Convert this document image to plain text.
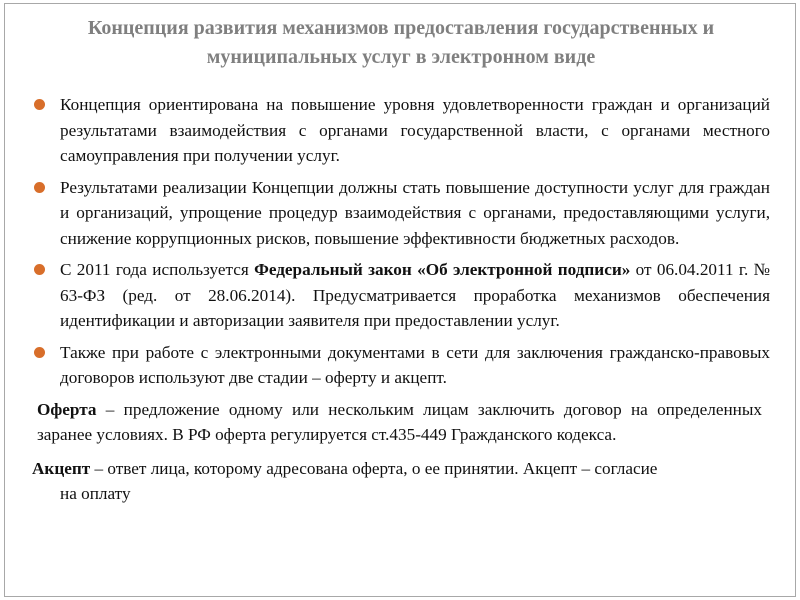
Концепция развития механизмов предоставления государственных и
муниципальных услуг в электронном виде
Концепция ориентирована на повышение уровня удовлетворенности граждан и организаций результатами взаимодействия с органами государственной власти, с органами местного самоуправления при получении услуг.
Результатами реализации Концепции должны стать повышение доступности услуг для граждан и организаций, упрощение процедур взаимодействия с органами, предоставляющими услуги, снижение коррупционных рисков, повышение эффективности бюджетных расходов.
С 2011 года используется Федеральный закон «Об электронной подписи» от 06.04.2011 г. № 63-ФЗ (ред. от 28.06.2014). Предусматривается проработка механизмов обеспечения идентификации и авторизации заявителя при предоставлении услуг.
Также при работе с электронными документами в сети для заключения гражданско-правовых договоров используют две стадии – оферту и акцепт.
Оферта – предложение одному или нескольким лицам заключить договор на определенных заранее условиях. В РФ оферта регулируется ст.435-449 Гражданского кодекса.
Акцепт – ответ лица, которому адресована оферта, о ее принятии. Акцепт – согласие
на оплату
